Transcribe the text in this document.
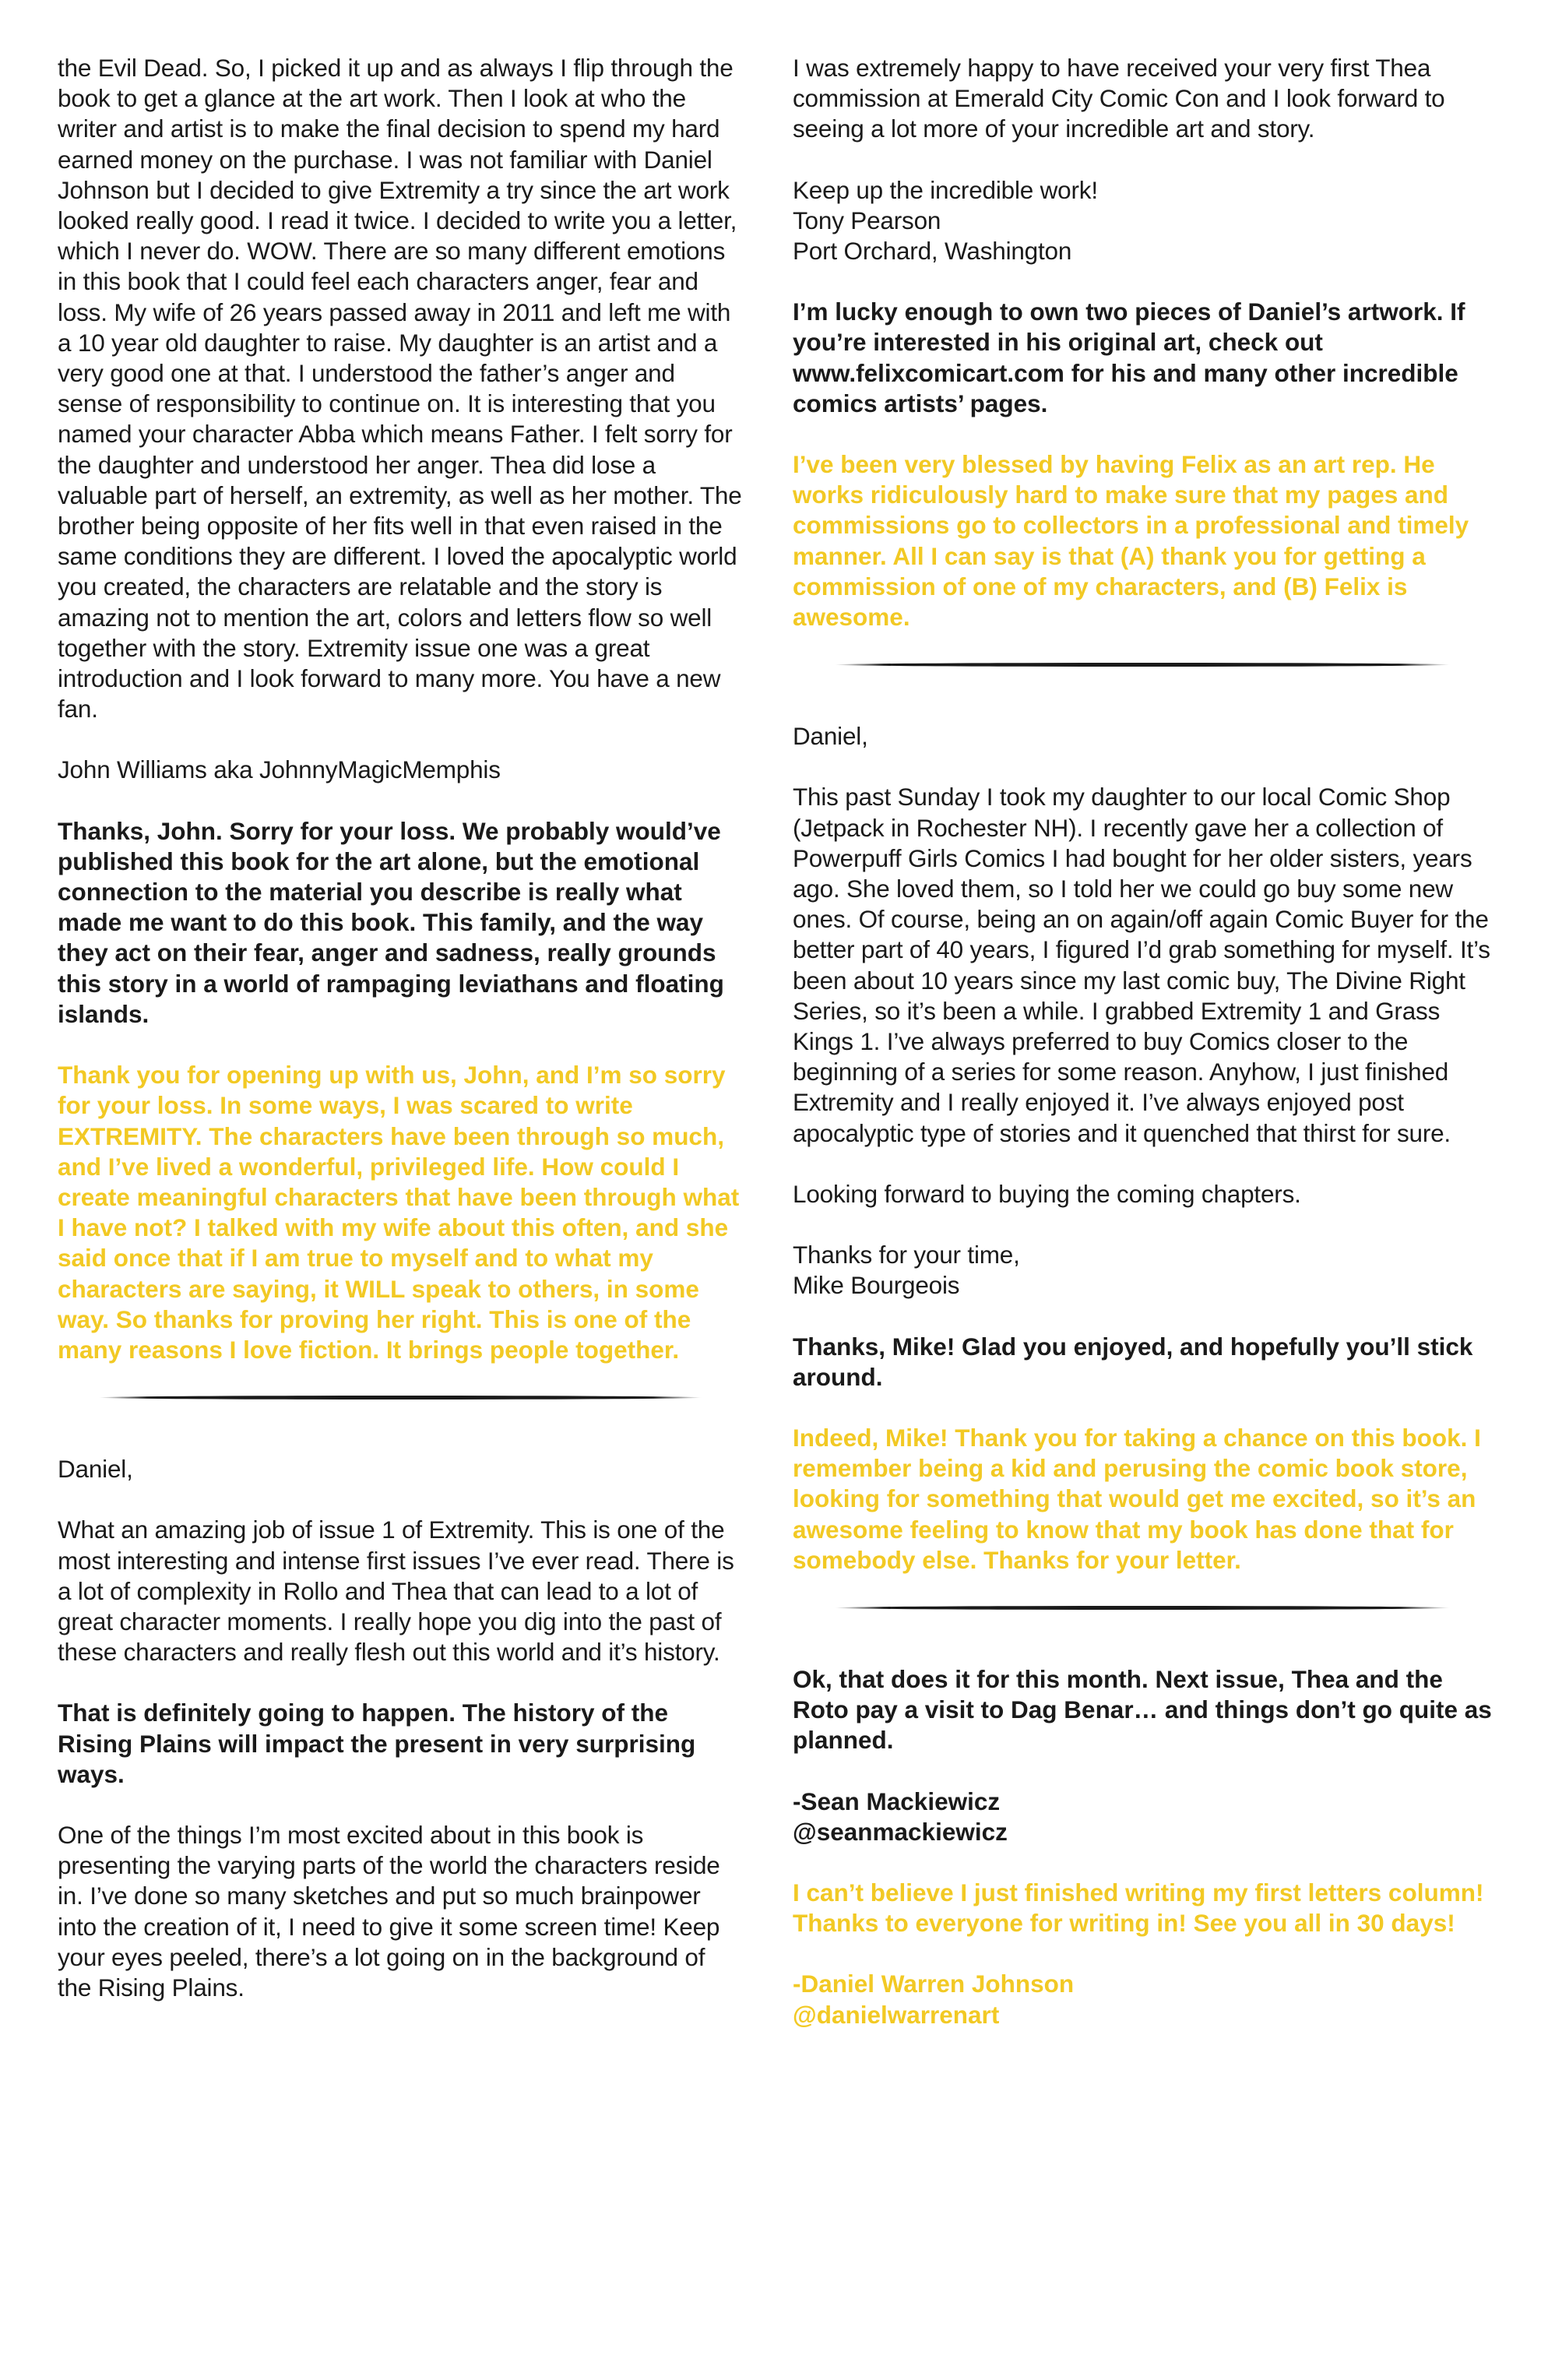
the Evil Dead. So, I picked it up and as always I flip through the book to get a glance at the art work. Then I look at who the writer and artist is to make the final decision to spend my hard earned money on the purchase. I was not familiar with Daniel Johnson but I decided to give Extremity a try since the art work looked really good. I read it twice. I decided to write you a letter, which I never do. WOW. There are so many different emotions in this book that I could feel each characters anger, fear and loss. My wife of 26 years passed away in 2011 and left me with a 10 year old daughter to raise. My daughter is an artist and a very good one at that. I understood the father’s anger and sense of responsibility to continue on. It is interesting that you named your character Abba which means Father. I felt sorry for the daughter and understood her anger. Thea did lose a valuable part of herself, an extremity, as well as her mother. The brother being opposite of her fits well in that even raised in the same conditions they are different. I loved the apocalyptic world you created, the characters are relatable and the story is amazing not to mention the art, colors and letters flow so well together with the story. Extremity issue one was a great introduction and I look forward to many more. You have a new fan.

John Williams aka JohnnyMagicMemphis

Thanks, John. Sorry for your loss. We probably would’ve published this book for the art alone, but the emotional connection to the material you describe is really what made me want to do this book. This family, and the way they act on their fear, anger and sadness, really grounds this story in a world of rampaging leviathans and floating islands.

Thank you for opening up with us, John, and I’m so sorry for your loss. In some ways, I was scared to write EXTREMITY. The characters have been through so much, and I’ve lived a wonderful, privileged life. How could I create meaningful characters that have been through what I have not? I talked with my wife about this often, and she said once that if I am true to myself and to what my characters are saying, it WILL speak to others, in some way. So thanks for proving her right. This is one of the many reasons I love fiction. It brings people together.

Daniel,

What an amazing job of issue 1 of Extremity. This is one of the most interesting and intense first issues I’ve ever read. There is a lot of complexity in Rollo and Thea that can lead to a lot of great character moments. I really hope you dig into the past of these characters and really flesh out this world and it’s history.

That is definitely going to happen. The history of the Rising Plains will impact the present in very surprising ways.

One of the things I’m most excited about in this book is presenting the varying parts of the world the characters reside in. I’ve done so many sketches and put so much brainpower into the creation of it, I need to give it some screen time! Keep your eyes peeled, there’s a lot going on in the background of the Rising Plains.

I was extremely happy to have received your very first Thea commission at Emerald City Comic Con and I look forward to seeing a lot more of your incredible art and story.

Keep up the incredible work!
Tony Pearson
Port Orchard, Washington

I’m lucky enough to own two pieces of Daniel’s artwork. If you’re interested in his original art, check out www.felixcomicart.com for his and many other incredible comics artists’ pages.

I’ve been very blessed by having Felix as an art rep. He works ridiculously hard to make sure that my pages and commissions go to collectors in a professional and timely manner. All I can say is that (A) thank you for getting a commission of one of my characters, and (B) Felix is awesome.

Daniel,

This past Sunday I took my daughter to our local Comic Shop (Jetpack in Rochester NH). I recently gave her a collection of Powerpuff Girls Comics I had bought for her older sisters, years ago. She loved them, so I told her we could go buy some new ones. Of course, being an on again/off again Comic Buyer for the better part of 40 years, I figured I’d grab something for myself. It’s been about 10 years since my last comic buy, The Divine Right Series, so it’s been a while. I grabbed Extremity 1 and Grass Kings 1. I’ve always preferred to buy Comics closer to the beginning of a series for some reason. Anyhow, I just finished Extremity and I really enjoyed it. I’ve always enjoyed post apocalyptic type of stories and it quenched that thirst for sure.

Looking forward to buying the coming chapters.

Thanks for your time,
Mike Bourgeois

Thanks, Mike! Glad you enjoyed, and hopefully you’ll stick around.

Indeed, Mike! Thank you for taking a chance on this book. I remember being a kid and perusing the comic book store, looking for something that would get me excited, so it’s an awesome feeling to know that my book has done that for somebody else. Thanks for your letter.

Ok, that does it for this month. Next issue, Thea and the Roto pay a visit to Dag Benar… and things don’t go quite as planned.

-Sean Mackiewicz
@seanmackiewicz

I can’t believe I just finished writing my first letters column! Thanks to everyone for writing in! See you all in 30 days!

-Daniel Warren Johnson
@danielwarrenart
